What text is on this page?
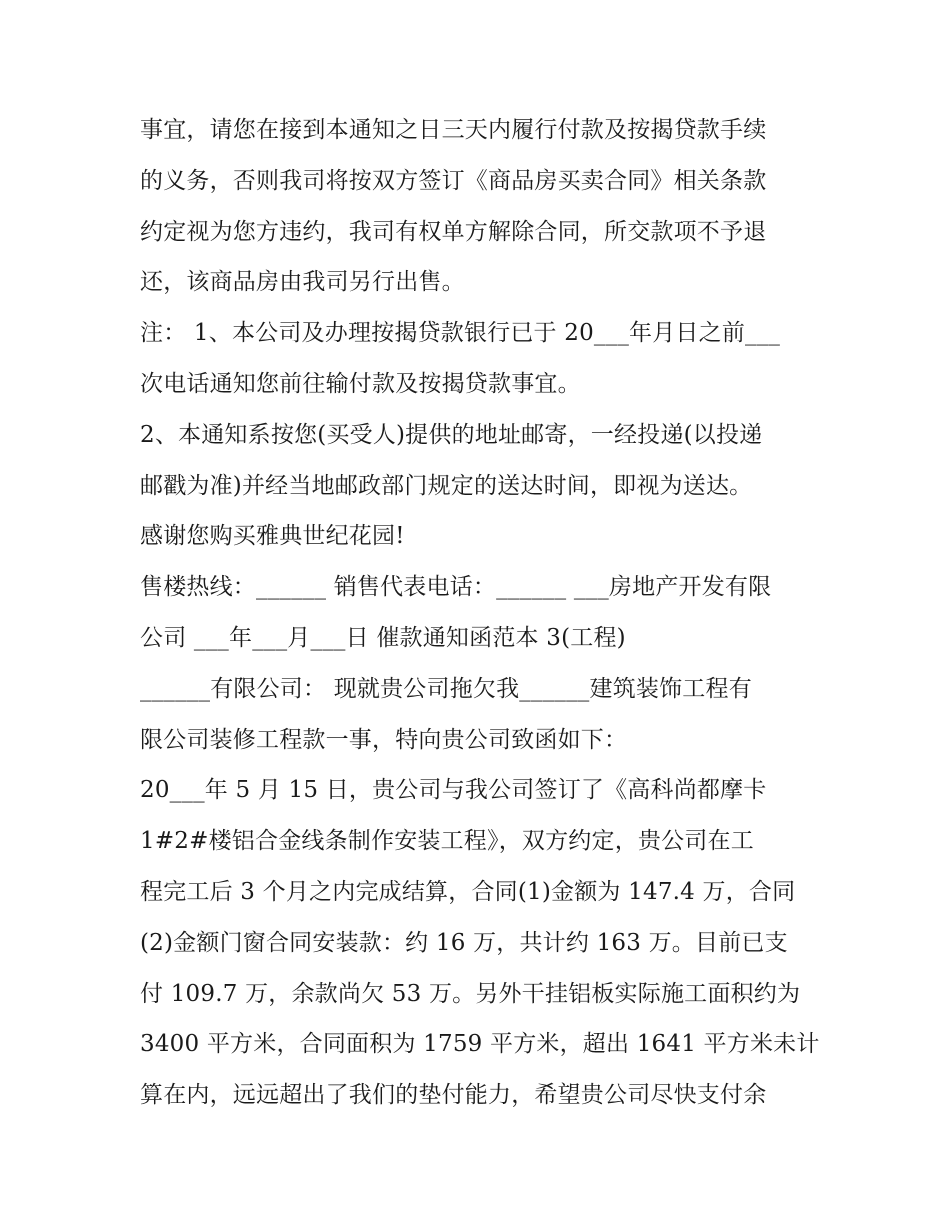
事宜，请您在接到本通知之日三天内履行付款及按揭贷款手续
的义务，否则我司将按双方签订《商品房买卖合同》相关条款
约定视为您方违约，我司有权单方解除合同，所交款项不予退
还，该商品房由我司另行出售。
注： 1、本公司及办理按揭贷款银行已于 20___年月日之前___
次电话通知您前往输付款及按揭贷款事宜。
2、本通知系按您(买受人)提供的地址邮寄，一经投递(以投递
邮戳为准)并经当地邮政部门规定的送达时间，即视为送达。
感谢您购买雅典世纪花园!
售楼热线：______ 销售代表电话：______ ___房地产开发有限
公司 ___年___月___日 催款通知函范本 3(工程)
______有限公司： 现就贵公司拖欠我______建筑装饰工程有
限公司装修工程款一事，特向贵公司致函如下：
20___年 5 月 15 日，贵公司与我公司签订了《高科尚都摩卡
1#2#楼铝合金线条制作安装工程》，双方约定，贵公司在工
程完工后 3 个月之内完成结算，合同(1)金额为 147.4 万，合同
(2)金额门窗合同安装款：约 16 万，共计约 163 万。目前已支
付 109.7 万，余款尚欠 53 万。另外干挂铝板实际施工面积约为
3400 平方米，合同面积为 1759 平方米，超出 1641 平方米未计
算在内，远远超出了我们的垫付能力，希望贵公司尽快支付余
